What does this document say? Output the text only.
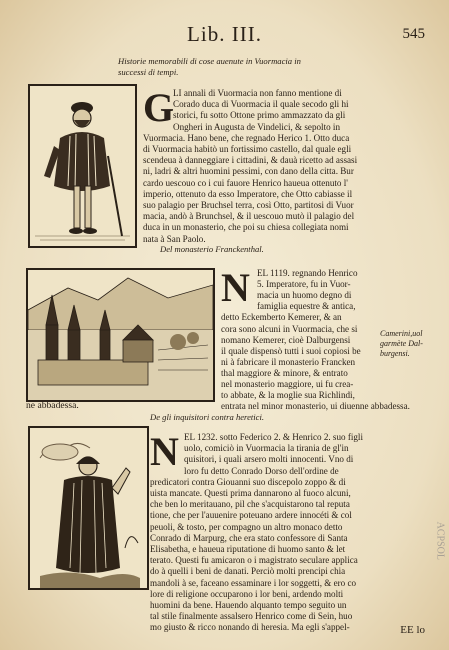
Lib. III.	545
Historie memorabili di cose auenute in Vuormacia in
successi di tempi.
G
LI annali di Vuormacia non fanno mentione di
Corado duca di Vuormacia il quale secodo gli hi
storici, fu sotto Ottone primo ammazzato da gli
Ongheri in Augusta de Vindelici, & sepolto in
Vuormacia. Hano bene, che regnado Herico 1. Otto duca
di Vuormacia habitò un fortissimo castello, dal quale egli
scendeua à danneggiare i cittadini, & dauà ricetto ad assasi
ni, ladri & altri huomini pessimi, con dano della citta. Bur
cardo uescouo co i cui fauore Henrico haueua ottenuto l'
imperio, ottenuto da esso Imperatore, che Otto cabiasse il
suo palagio per Bruchsel terra, così Otto, partitosi di Vuor
macia, andò à Brunchsel, & il uescouo mutò il palagio del
duca in un monasterio, che poi su chiesa collegiata nomi
nata à San Paolo.
Del monasterio Franckenthal.
N EL 1119. regnando Henrico
5. Imperatore, fu in Vuor-
macia un huomo degno di
famiglia equestre & antica,
detto Eckemberto Kemerer, & an
cora sono alcuni in Vuormacia, che si
nomano Kemerer, cioè Dalburgensi
il quale dispensò tutti i suoi copiosi be
ni à fabricare il monasterio Francken
thal maggiore & minore, & entrato
nel monasterio maggiore, ui fu crea-
to abbate, & la moglie sua Richlindi,
entrata nel minor monasterio, ui diuenne abbadessa.
Camerini,uol
garmète Dal-
burgensi.
ne abbadessa.
De gli inquisitori contra heretici.
N EL 1232. sotto Federico 2. & Henrico 2. suo figli
uolo, comiciò in Vuormacia la tirania de gl'in
quisitori, i quali arsero molti innocenti. Vno di
loro fu detto Conrado Dorso dell'ordine de
predicatori contra Giouanni suo discepolo zoppo & di
uista mancate. Questi prima dannarono al fuoco alcuni,
che ben lo meritauano, pil che s'acquistarono tal reputa
tione, che per l'auuenire poteuano ardere innocéti & col
peuoli, & tosto, per compagno un altro monaco detto
Conrado di Marpurg, che era stato confessore di Santa
Elisabetha, e haueua riputatione di huomo santo & let
terato. Questi fu amicaron o i magistrato seculare applica
do à quelli i beni de danati. Perciò molti prencipi chia
mandoli à se, faceano essaminare i lor soggetti, & ero co
lore di religione occuparono i lor beni, ardendo molti
huomini da bene. Hauendo alquanto tempo seguito un
tal stile finalmente assalsero Henrico come di Sein, huo
mo giusto & ricco nonando di heresia. Ma egli s'appel-	EE lo
ACPSOL
